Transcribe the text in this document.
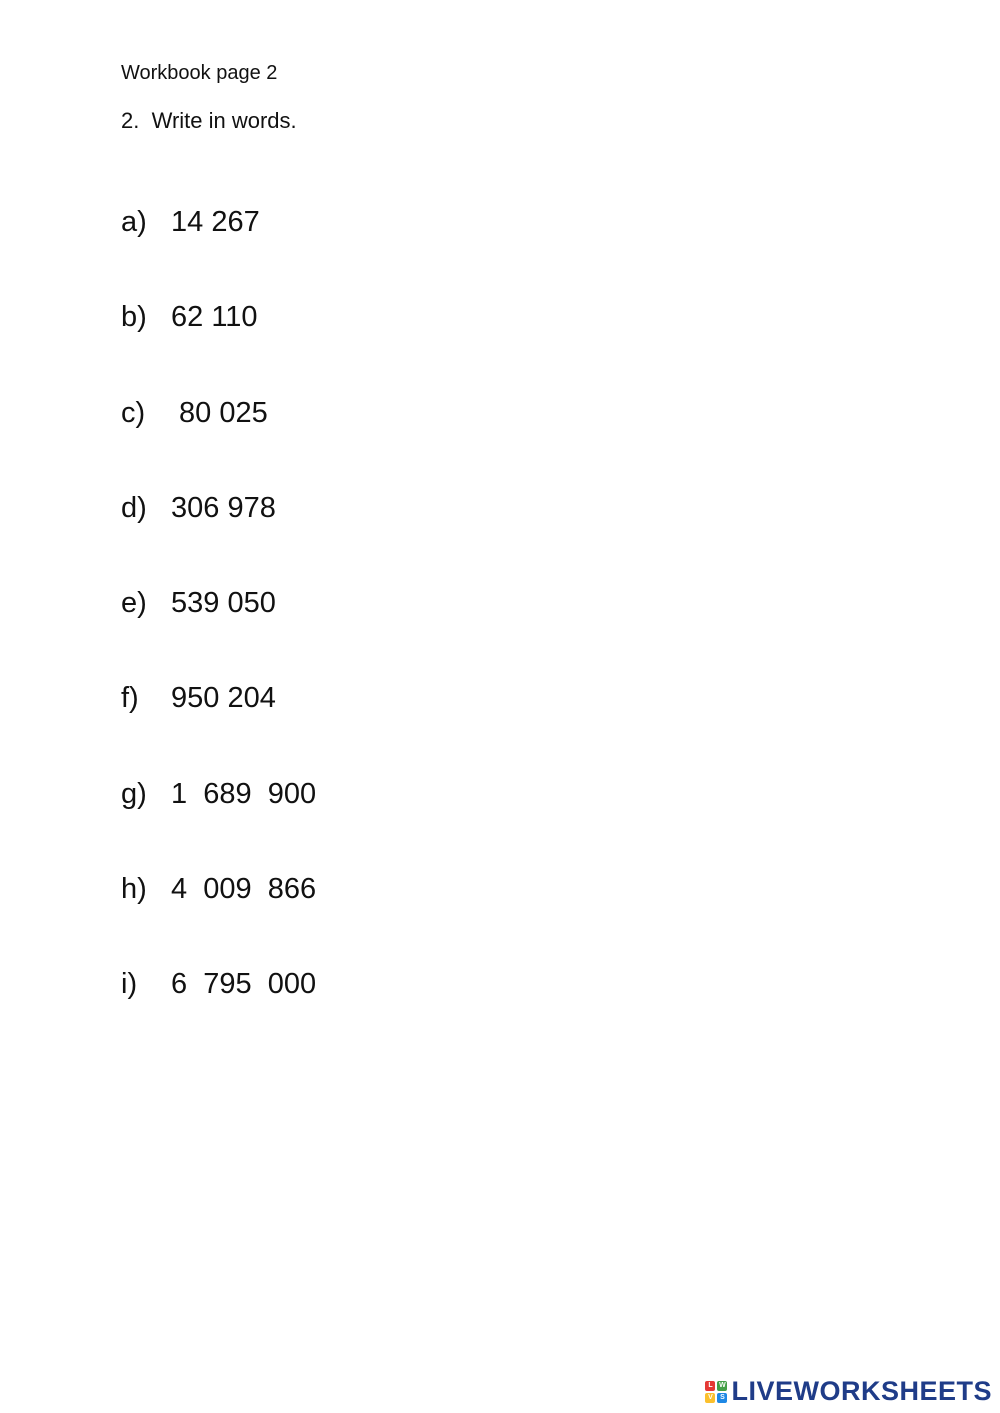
Workbook page 2
2.  Write in words.
a) 14 267
b) 62 110
c) 80 025
d) 306 978
e) 539 050
f)	950 204
g) 1  689  900
h) 4  009  866
i)	6  795  000
L W
V	S LIVEWORKSHEETS
